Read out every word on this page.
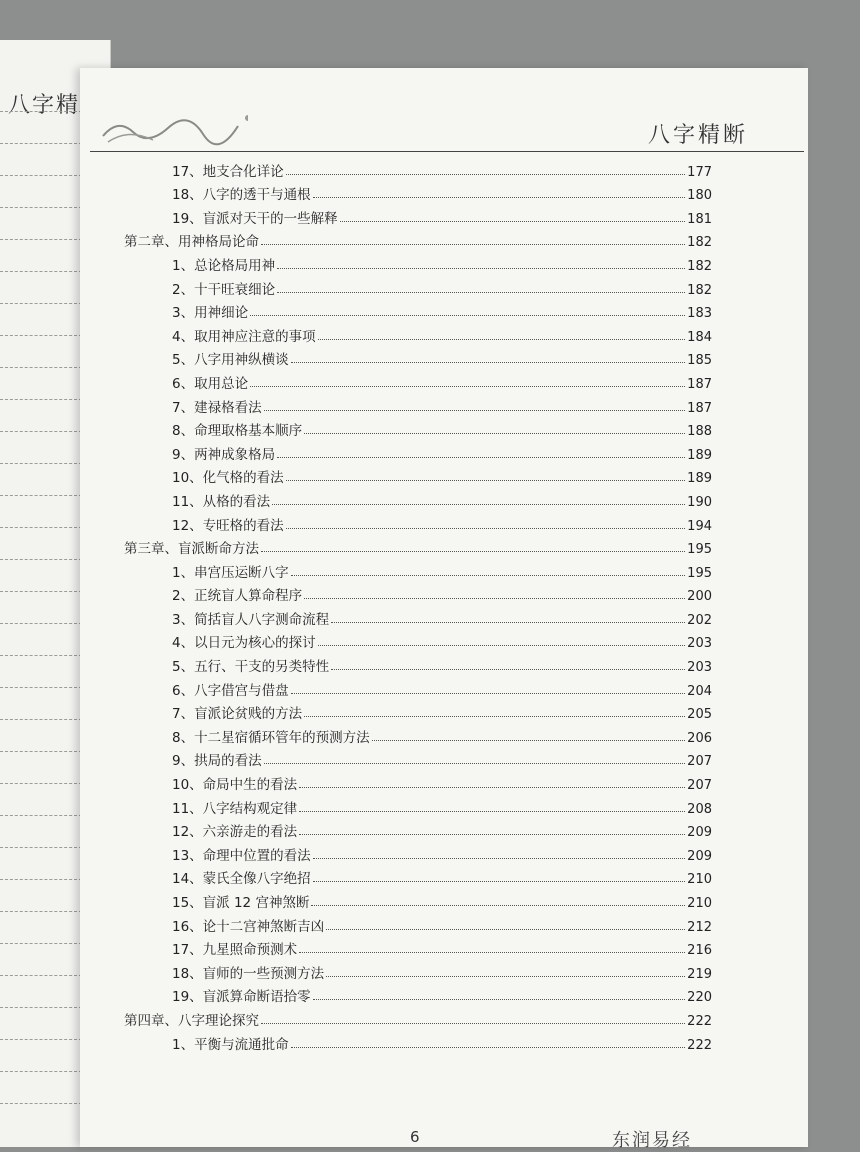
八字精
八字精断
17、地支合化详论	177
18、八字的透干与通根	180
19、盲派对天干的一些解释	181
第二章、用神格局论命	182
1、总论格局用神	182
2、十干旺衰细论	182
3、用神细论	183
4、取用神应注意的事项	184
5、八字用神纵横谈	185
6、取用总论	187
7、建禄格看法	187
8、命理取格基本顺序	188
9、两神成象格局	189
10、化气格的看法	189
11、从格的看法	190
12、专旺格的看法	194
第三章、盲派断命方法	195
1、串宫压运断八字	195
2、正统盲人算命程序	200
3、简括盲人八字测命流程	202
4、以日元为核心的探讨	203
5、五行、干支的另类特性	203
6、八字借宫与借盘	204
7、盲派论贫贱的方法	205
8、十二星宿循环管年的预测方法	206
9、拱局的看法	207
10、命局中生的看法	207
11、八字结构观定律	208
12、六亲游走的看法	209
13、命理中位置的看法	209
14、蒙氏全像八字绝招	210
15、盲派 12 宫神煞断	210
16、论十二宫神煞断吉凶	212
17、九星照命预测术	216
18、盲师的一些预测方法	219
19、盲派算命断语拾零	220
第四章、八字理论探究	222
1、平衡与流通批命	222
6	东润易经
